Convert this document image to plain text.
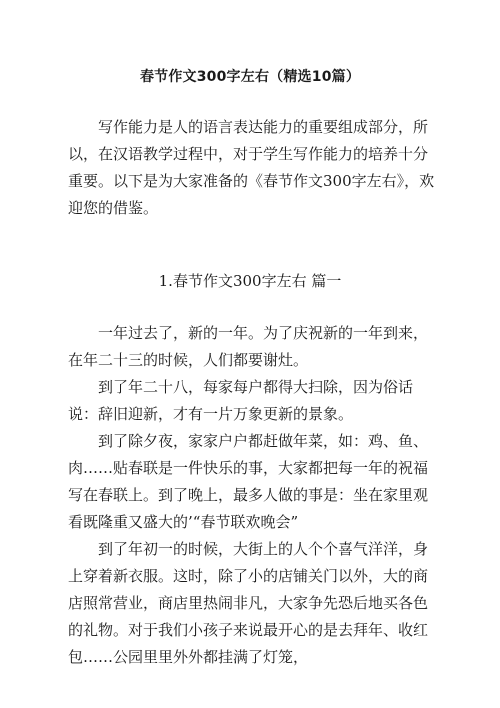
春节作文300字左右（精选10篇）

写作能力是人的语言表达能力的重要组成部分，所以，在汉语教学过程中，对于学生写作能力的培养十分重要。以下是为大家准备的《春节作文300字左右》，欢迎您的借鉴。

1.春节作文300字左右 篇一

一年过去了，新的一年。为了庆祝新的一年到来，在年二十三的时候，人们都要谢灶。

到了年二十八，每家每户都得大扫除，因为俗话说：辞旧迎新，才有一片万象更新的景象。

到了除夕夜，家家户户都赶做年菜，如：鸡、鱼、肉……贴春联是一件快乐的事，大家都把每一年的祝福写在春联上。到了晚上，最多人做的事是：坐在家里观看既隆重又盛大的’“春节联欢晚会”

到了年初一的时候，大街上的人个个喜气洋洋，身上穿着新衣服。这时，除了小的店铺关门以外，大的商店照常营业，商店里热闹非凡，大家争先恐后地买各色的礼物。对于我们小孩子来说最开心的是去拜年、收红包……公园里里外外都挂满了灯笼，
